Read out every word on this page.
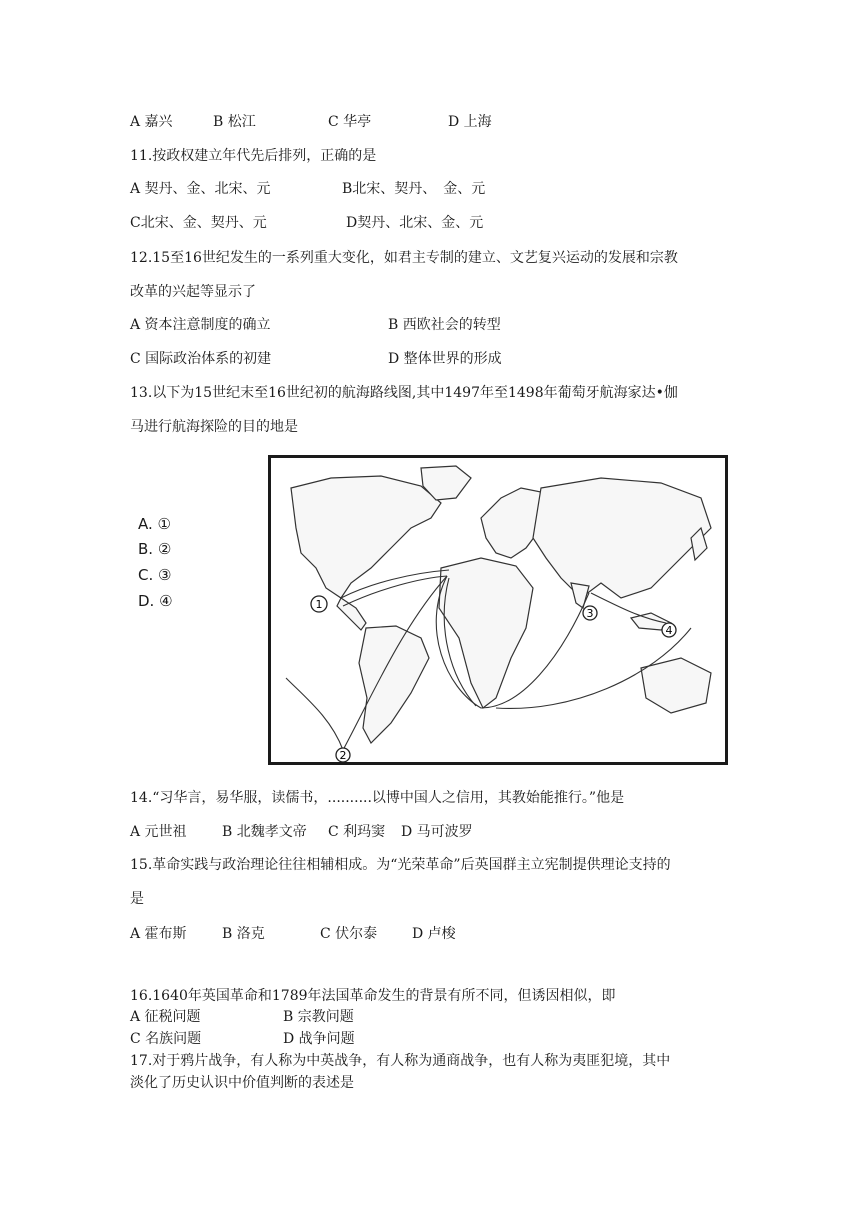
A 嘉兴	B 松江	C 华亭	D 上海
11.按政权建立年代先后排列，正确的是
A 契丹、金、北宋、元	B北宋、契丹、　金、元
C北宋、金、契丹、元	D契丹、北宋、金、元
12.15至16世纪发生的一系列重大变化，如君主专制的建立、文艺复兴运动的发展和宗教
改革的兴起等显示了
A 资本注意制度的确立	B 西欧社会的转型
C 国际政治体系的初建	D 整体世界的形成
13.以下为15世纪末至16世纪初的航海路线图,其中1497年至1498年葡萄牙航海家达•伽
马进行航海探险的目的地是
A. ①
B. ②
C. ③
D. ④	1
2
3
4
14.“习华言，易华服，读儒书，..........以博中国人之信用，其教始能推行。”他是
A 元世祖	B 北魏孝文帝 C 利玛窦 D 马可波罗
15.革命实践与政治理论往往相辅相成。为“光荣革命”后英国群主立宪制提供理论支持的
是
A 霍布斯	B 洛克	C 伏尔泰 D 卢梭
16.1640年英国革命和1789年法国革命发生的背景有所不同，但诱因相似，即
A 征税问题	B 宗教问题
C 名族问题	D 战争问题
17.对于鸦片战争，有人称为中英战争，有人称为通商战争，也有人称为夷匪犯境，其中
淡化了历史认识中价值判断的表述是
